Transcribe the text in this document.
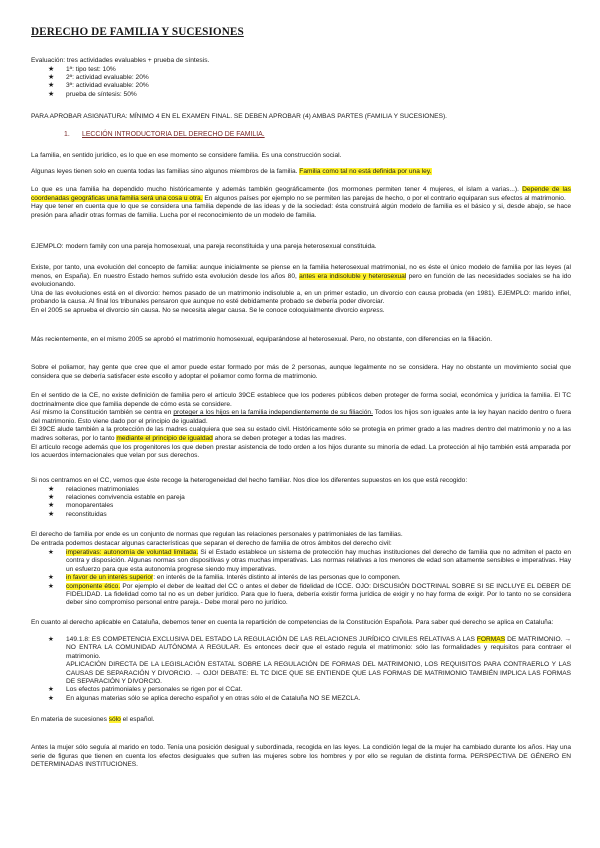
DERECHO DE FAMILIA Y SUCESIONES
Evaluación: tres actividades evaluables + prueba de síntesis.
★ 1ª: tipo test: 10%
★ 2ª: actividad evaluable: 20%
★ 3ª: actividad evaluable: 20%
★ prueba de síntesis: 50%
PARA APROBAR ASIGNATURA: MÍNIMO 4 EN EL EXAMEN FINAL. SE DEBEN APROBAR (4) AMBAS PARTES (FAMILIA Y SUCESIONES).
1. LECCIÓN INTRODUCTORIA DEL DERECHO DE FAMILIA.
La familia, en sentido jurídico, es lo que en ese momento se considere familia. Es una construcción social.
Algunas leyes tienen solo en cuenta todas las familias sino algunos miembros de la familia. Familia como tal no está definida por una ley.
Lo que es una familia ha dependido mucho históricamente y además también geográficamente (los mormones permiten tener 4 mujeres, el islam a varias...). Depende de las coordenadas geográficas una familia será una cosa u otra. En algunos países por ejemplo no se permiten las parejas de hecho, o por el contrario equiparan sus efectos al matrimonio.
Hay que tener en cuenta que lo que se considera una familia depende de las ideas y de la sociedad: ésta construirá algún modelo de familia es el básico y si, desde abajo, se hace presión para añadir otras formas de familia. Lucha por el reconocimiento de un modelo de familia.
EJEMPLO: modern family con una pareja homosexual, una pareja reconstituida y una pareja heterosexual constituida.
Existe, por tanto, una evolución del concepto de familia: aunque inicialmente se piense en la familia heterosexual matrimonial, no es éste el único modelo de familia por las leyes (al menos, en España). En nuestro Estado hemos sufrido esta evolución desde los años 80, antes era indisoluble y heterosexual pero en función de las necesidades sociales se ha ido evolucionando.
Una de las evoluciones está en el divorcio: hemos pasado de un matrimonio indisoluble a, en un primer estadio, un divorcio con causa probada (en 1981). EJEMPLO: marido infiel, probando la causa. Al final los tribunales pensaron que aunque no esté debidamente probado se debería poder divorciar.
En el 2005 se aprueba el divorcio sin causa. No se necesita alegar causa. Se le conoce coloquialmente divorcio express.
Más recientemente, en el mismo 2005 se aprobó el matrimonio homosexual, equiparándose al heterosexual. Pero, no obstante, con diferencias en la filiación.
Sobre el poliamor, hay gente que cree que el amor puede estar formado por más de 2 personas, aunque legalmente no se considera. Hay no obstante un movimiento social que considera que se debería satisfacer este escollo y adoptar el poliamor como forma de matrimonio.
En el sentido de la CE, no existe definición de familia pero el artículo 39CE establece que los poderes públicos deben proteger de forma social, económica y jurídica la familia. El TC doctrinalmente dice que familia depende de cómo esta se considere.
Así mismo la Constitución también se centra en proteger a los hijos en la familia independientemente de su filiación. Todos los hijos son iguales ante la ley hayan nacido dentro o fuera del matrimonio. Esto viene dado por el principio de igualdad.
El 39CE alude también a la protección de las madres cualquiera que sea su estado civil. Históricamente sólo se protegía en primer grado a las madres dentro del matrimonio y no a las madres solteras, por lo tanto mediante el principio de igualdad ahora se deben proteger a todas las madres.
El artículo recoge además que los progenitores los que deben prestar asistencia de todo orden a los hijos durante su minoría de edad. La protección al hijo también está amparada por los acuerdos internacionales que velan por sus derechos.
Si nos centramos en el CC, vemos que éste recoge la heterogeneidad del hecho familiar. Nos dice los diferentes supuestos en los que está recogido:
★ relaciones matrimoniales
★ relaciones convivencia estable en pareja
★ monoparentales
★ reconstituidas
El derecho de familia por ende es un conjunto de normas que regulan las relaciones personales y patrimoniales de las familias.
De entrada podemos destacar algunas características que separan el derecho de familia de otros ámbitos del derecho civil:
★ imperativas: autonomía de voluntad limitada. Si el Estado establece un sistema de protección hay muchas instituciones del derecho de familia que no admiten el pacto en contra y disposición. Algunas normas son dispositivas y otras muchas imperativas. Las normas relativas a los menores de edad son altamente sensibles e imperativas. Hay un esfuerzo para que esta autonomía progrese siendo muy imperativas.
★ in favor de un interés superior: en interés de la familia. Interés distinto al interés de las personas que lo componen.
★ componente ético. Por ejemplo el deber de lealtad del CC o antes el deber de fidelidad de ICCE. OJO: DISCUSIÓN DOCTRINAL SOBRE SI SE INCLUYE EL DEBER DE FIDELIDAD. La fidelidad como tal no es un deber jurídico. Para que lo fuera, debería existir forma jurídica de exigir y no hay forma de exigir. Por lo tanto no se considera deber sino compromiso personal entre pareja.- Debe moral pero no jurídico.
En cuanto al derecho aplicable en Cataluña, debemos tener en cuenta la repartición de competencias de la Constitución Española. Para saber qué derecho se aplica en Cataluña:
★ 149.1.8: ES COMPETENCIA EXCLUSIVA DEL ESTADO LA REGULACIÓN DE LAS RELACIONES JURÍDICO CIVILES RELATIVAS A LAS FORMAS DE MATRIMONIO. → NO ENTRA LA COMUNIDAD AUTÓNOMA A REGULAR. Es entonces decir que el estado regula el matrimonio: sólo las formalidades y requisitos para contraer el matrimonio.
APLICACIÓN DIRECTA DE LA LEGISLACIÓN ESTATAL SOBRE LA REGULACIÓN DE FORMAS DEL MATRIMONIO, LOS REQUISITOS PARA CONTRAERLO Y LAS CAUSAS DE SEPARACIÓN Y DIVORCIO. → OJO! DEBATE: EL TC DICE QUE SE ENTIENDE QUE LAS FORMAS DE MATRIMONIO TAMBIÉN IMPLICA LAS FORMAS DE SEPARACIÓN Y DIVORCIO.
★ Los efectos patrimoniales y personales se rigen por el CCat.
★ En algunas materias sólo se aplica derecho español y en otras sólo el de Cataluña NO SE MEZCLA.
En materia de sucesiones sólo el español.
Antes la mujer sólo seguía al marido en todo. Tenía una posición desigual y subordinada, recogida en las leyes. La condición legal de la mujer ha cambiado durante los años. Hay una serie de figuras que tienen en cuenta los efectos desiguales que sufren las mujeres sobre los hombres y por ello se regulan de distinta forma. PERSPECTIVA DE GÉNERO EN DETERMINADAS INSTITUCIONES.
